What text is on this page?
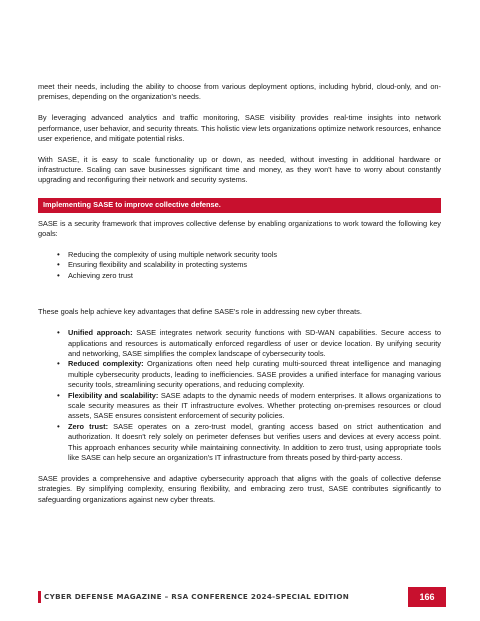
meet their needs, including the ability to choose from various deployment options, including hybrid, cloud-only, and on-premises, depending on the organization's needs.

By leveraging advanced analytics and traffic monitoring, SASE visibility provides real-time insights into network performance, user behavior, and security threats. This holistic view lets organizations optimize network resources, enhance user experience, and mitigate potential risks.

With SASE, it is easy to scale functionality up or down, as needed, without investing in additional hardware or infrastructure. Scaling can save businesses significant time and money, as they won't have to worry about constantly upgrading and reconfiguring their network and security systems.

Implementing SASE to improve collective defense.

SASE is a security framework that improves collective defense by enabling organizations to work toward the following key goals:

• Reducing the complexity of using multiple network security tools
• Ensuring flexibility and scalability in protecting systems
• Achieving zero trust

These goals help achieve key advantages that define SASE's role in addressing new cyber threats.

• Unified approach: SASE integrates network security functions with SD-WAN capabilities. Secure access to applications and resources is automatically enforced regardless of user or device location. By unifying security and networking, SASE simplifies the complex landscape of cybersecurity tools.
• Reduced complexity: Organizations often need help curating multi-sourced threat intelligence and managing multiple cybersecurity products, leading to inefficiencies. SASE provides a unified interface for managing various security tools, streamlining security operations, and reducing complexity.
• Flexibility and scalability: SASE adapts to the dynamic needs of modern enterprises. It allows organizations to scale security measures as their IT infrastructure evolves. Whether protecting on-premises resources or cloud assets, SASE ensures consistent enforcement of security policies.
• Zero trust: SASE operates on a zero-trust model, granting access based on strict authentication and authorization. It doesn't rely solely on perimeter defenses but verifies users and devices at every access point. This approach enhances security while maintaining connectivity. In addition to zero trust, using appropriate tools like SASE can help secure an organization's IT infrastructure from threats posed by third-party access.

SASE provides a comprehensive and adaptive cybersecurity approach that aligns with the goals of collective defense strategies. By simplifying complexity, ensuring flexibility, and embracing zero trust, SASE contributes significantly to safeguarding organizations against new cyber threats.

CYBER DEFENSE MAGAZINE – RSA CONFERENCE 2024-SPECIAL EDITION	166
